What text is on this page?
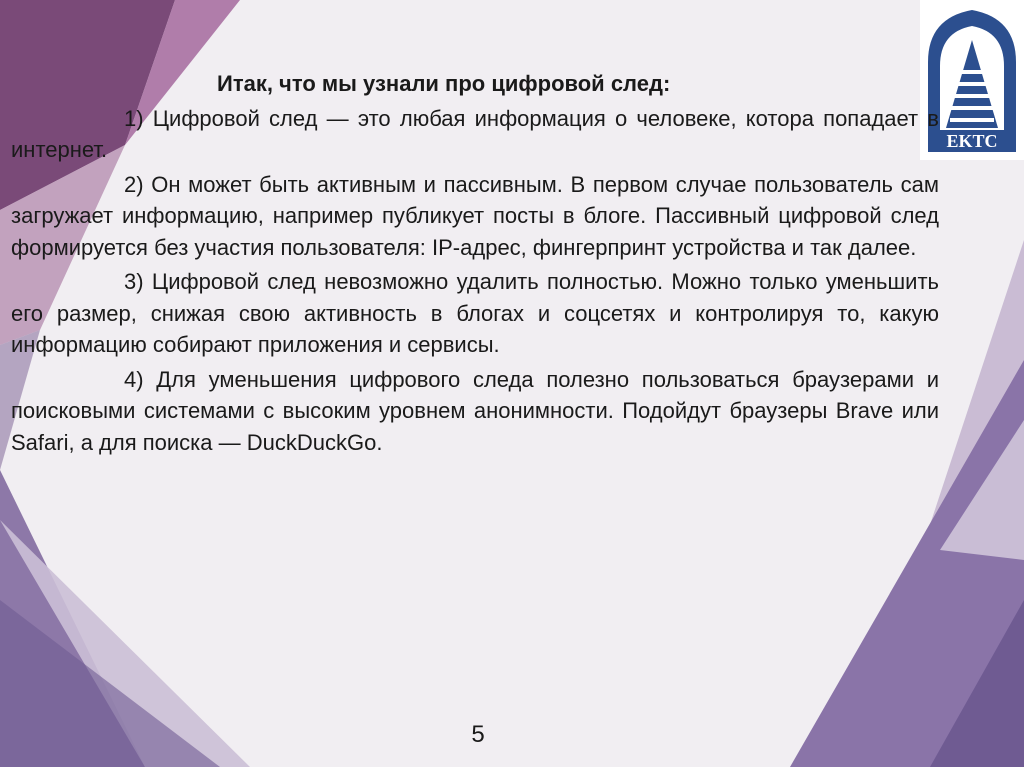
EKTC

Итак, что мы узнали про цифровой след:

1) Цифровой след — это любая информация о человеке, котора попадает в интернет.

2) Он может быть активным и пассивным. В первом случае пользователь сам загружает информацию, например публикует посты в блоге. Пассивный цифровой след формируется без участия пользователя: IP-адрес, фингерпринт устройства и так далее.

3) Цифровой след невозможно удалить полностью. Можно только уменьшить его размер, снижая свою активность в блогах и соцсетях и контролируя то, какую информацию собирают приложения и сервисы.

4) Для уменьшения цифрового следа полезно пользоваться браузерами и поисковыми системами с высоким уровнем анонимности. Подойдут браузеры Brave или Safari, а для поиска — DuckDuckGo.

5
